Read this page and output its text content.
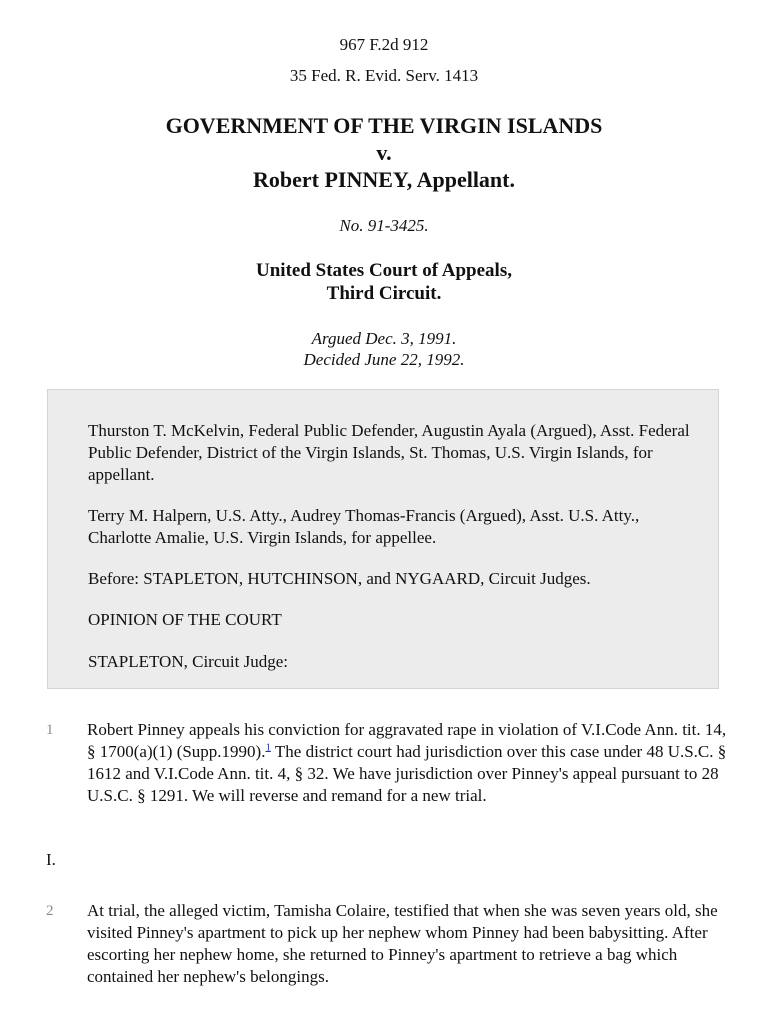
967 F.2d 912
35 Fed. R. Evid. Serv. 1413
GOVERNMENT OF THE VIRGIN ISLANDS
v.
Robert PINNEY, Appellant.
No. 91-3425.
United States Court of Appeals,
Third Circuit.
Argued Dec. 3, 1991.
Decided June 22, 1992.

Thurston T. McKelvin, Federal Public Defender, Augustin Ayala (Argued), Asst. Federal Public Defender, District of the Virgin Islands, St. Thomas, U.S. Virgin Islands, for appellant.

Terry M. Halpern, U.S. Atty., Audrey Thomas-Francis (Argued), Asst. U.S. Atty., Charlotte Amalie, U.S. Virgin Islands, for appellee.

Before: STAPLETON, HUTCHINSON, and NYGAARD, Circuit Judges.

OPINION OF THE COURT

STAPLETON, Circuit Judge:

1 Robert Pinney appeals his conviction for aggravated rape in violation of V.I.Code Ann. tit. 14, § 1700(a)(1) (Supp.1990).$^1$ The district court had jurisdiction over this case under 48 U.S.C. § 1612 and V.I.Code Ann. tit. 4, § 32. We have jurisdiction over Pinney's appeal pursuant to 28 U.S.C. § 1291. We will reverse and remand for a new trial.

I.
2 At trial, the alleged victim, Tamisha Colaire, testified that when she was seven years old, she visited Pinney's apartment to pick up her nephew whom Pinney had been babysitting. After escorting her nephew home, she returned to Pinney's apartment to retrieve a bag which contained her nephew's belongings.
